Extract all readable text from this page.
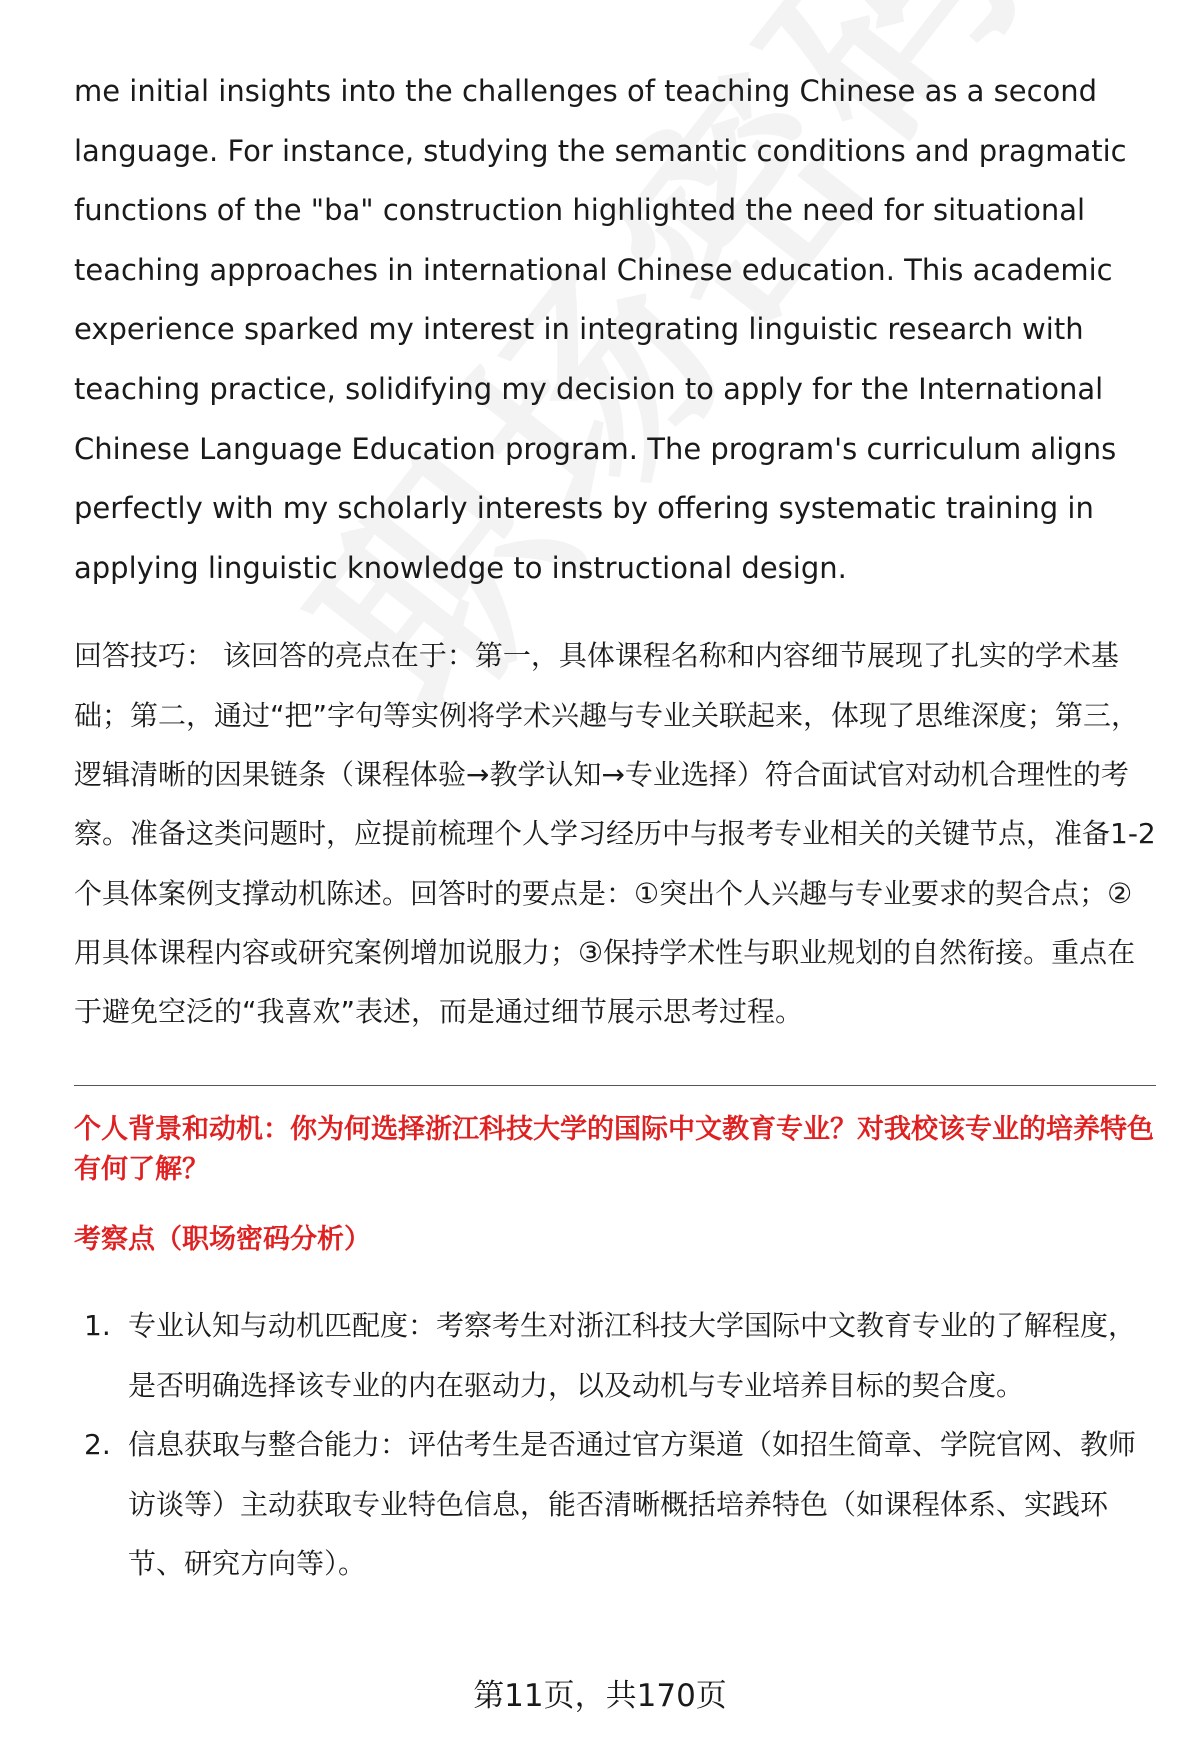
me initial insights into the challenges of teaching Chinese as a second language. For instance, studying the semantic conditions and pragmatic functions of the "ba" construction highlighted the need for situational teaching approaches in international Chinese education. This academic experience sparked my interest in integrating linguistic research with teaching practice, solidifying my decision to apply for the International Chinese Language Education program. The program's curriculum aligns perfectly with my scholarly interests by offering systematic training in applying linguistic knowledge to instructional design.

回答技巧： 该回答的亮点在于：第一，具体课程名称和内容细节展现了扎实的学术基础；第二，通过“把”字句等实例将学术兴趣与专业关联起来，体现了思维深度；第三，逻辑清晰的因果链条（课程体验→教学认知→专业选择）符合面试官对动机合理性的考察。准备这类问题时，应提前梳理个人学习经历中与报考专业相关的关键节点，准备1-2个具体案例支撑动机陈述。回答时的要点是：①突出个人兴趣与专业要求的契合点；②用具体课程内容或研究案例增加说服力；③保持学术性与职业规划的自然衔接。重点在于避免空泛的“我喜欢”表述，而是通过细节展示思考过程。

个人背景和动机：你为何选择浙江科技大学的国际中文教育专业？对我校该专业的培养特色有何了解？
考察点（职场密码分析）
1. 专业认知与动机匹配度：考察考生对浙江科技大学国际中文教育专业的了解程度，是否明确选择该专业的内在驱动力，以及动机与专业培养目标的契合度。
2. 信息获取与整合能力：评估考生是否通过官方渠道（如招生简章、学院官网、教师访谈等）主动获取专业特色信息，能否清晰概括培养特色（如课程体系、实践环节、研究方向等）。
第11页，共170页
